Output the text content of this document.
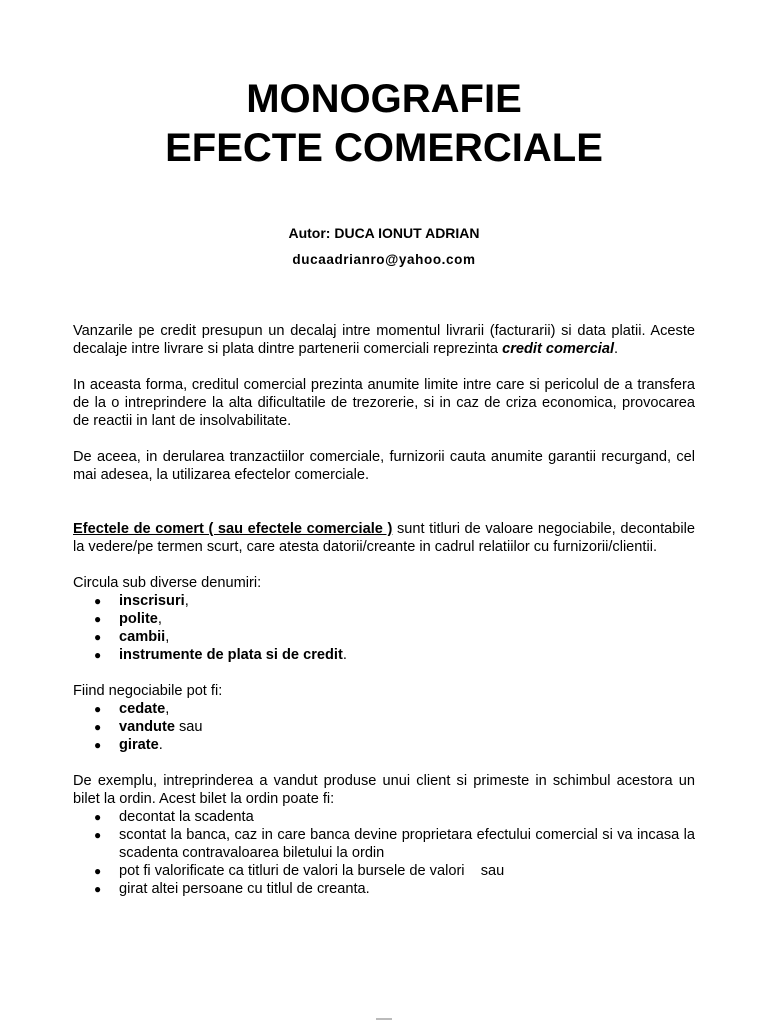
MONOGRAFIE
EFECTE COMERCIALE
Autor: DUCA IONUT ADRIAN
ducaadrianro@yahoo.com

Vanzarile pe credit presupun un decalaj intre momentul livrarii (facturarii) si data platii. Aceste decalaje intre livrare si plata dintre partenerii comerciali reprezinta credit comercial.

In aceasta forma, creditul comercial prezinta anumite limite intre care si pericolul de a transfera de la o intreprindere la alta dificultatile de trezorerie, si in caz de criza economica, provocarea de reactii in lant de insolvabilitate.

De aceea, in derularea tranzactiilor comerciale, furnizorii cauta anumite garantii recurgand, cel mai adesea, la utilizarea efectelor comerciale.

Efectele de comert ( sau efectele comerciale ) sunt titluri de valoare negociabile, decontabile la vedere/pe termen scurt, care atesta datorii/creante in cadrul relatiilor cu furnizorii/clientii.

Circula sub diverse denumiri:

● inscrisuri,
● polite,
● cambii,
● instrumente de plata si de credit.

Fiind negociabile pot fi:

● cedate,
● vandute sau
● girate.

De exemplu, intreprinderea a vandut produse unui client si primeste in schimbul acestora un bilet la ordin. Acest bilet la ordin poate fi:

● decontat la scadenta
● scontat la banca, caz in care banca devine proprietara efectului comercial si va incasa la scadenta contravaloarea biletului la ordin
● pot fi valorificate ca titluri de valori la bursele de valori    sau
● girat altei persoane cu titlul de creanta.
